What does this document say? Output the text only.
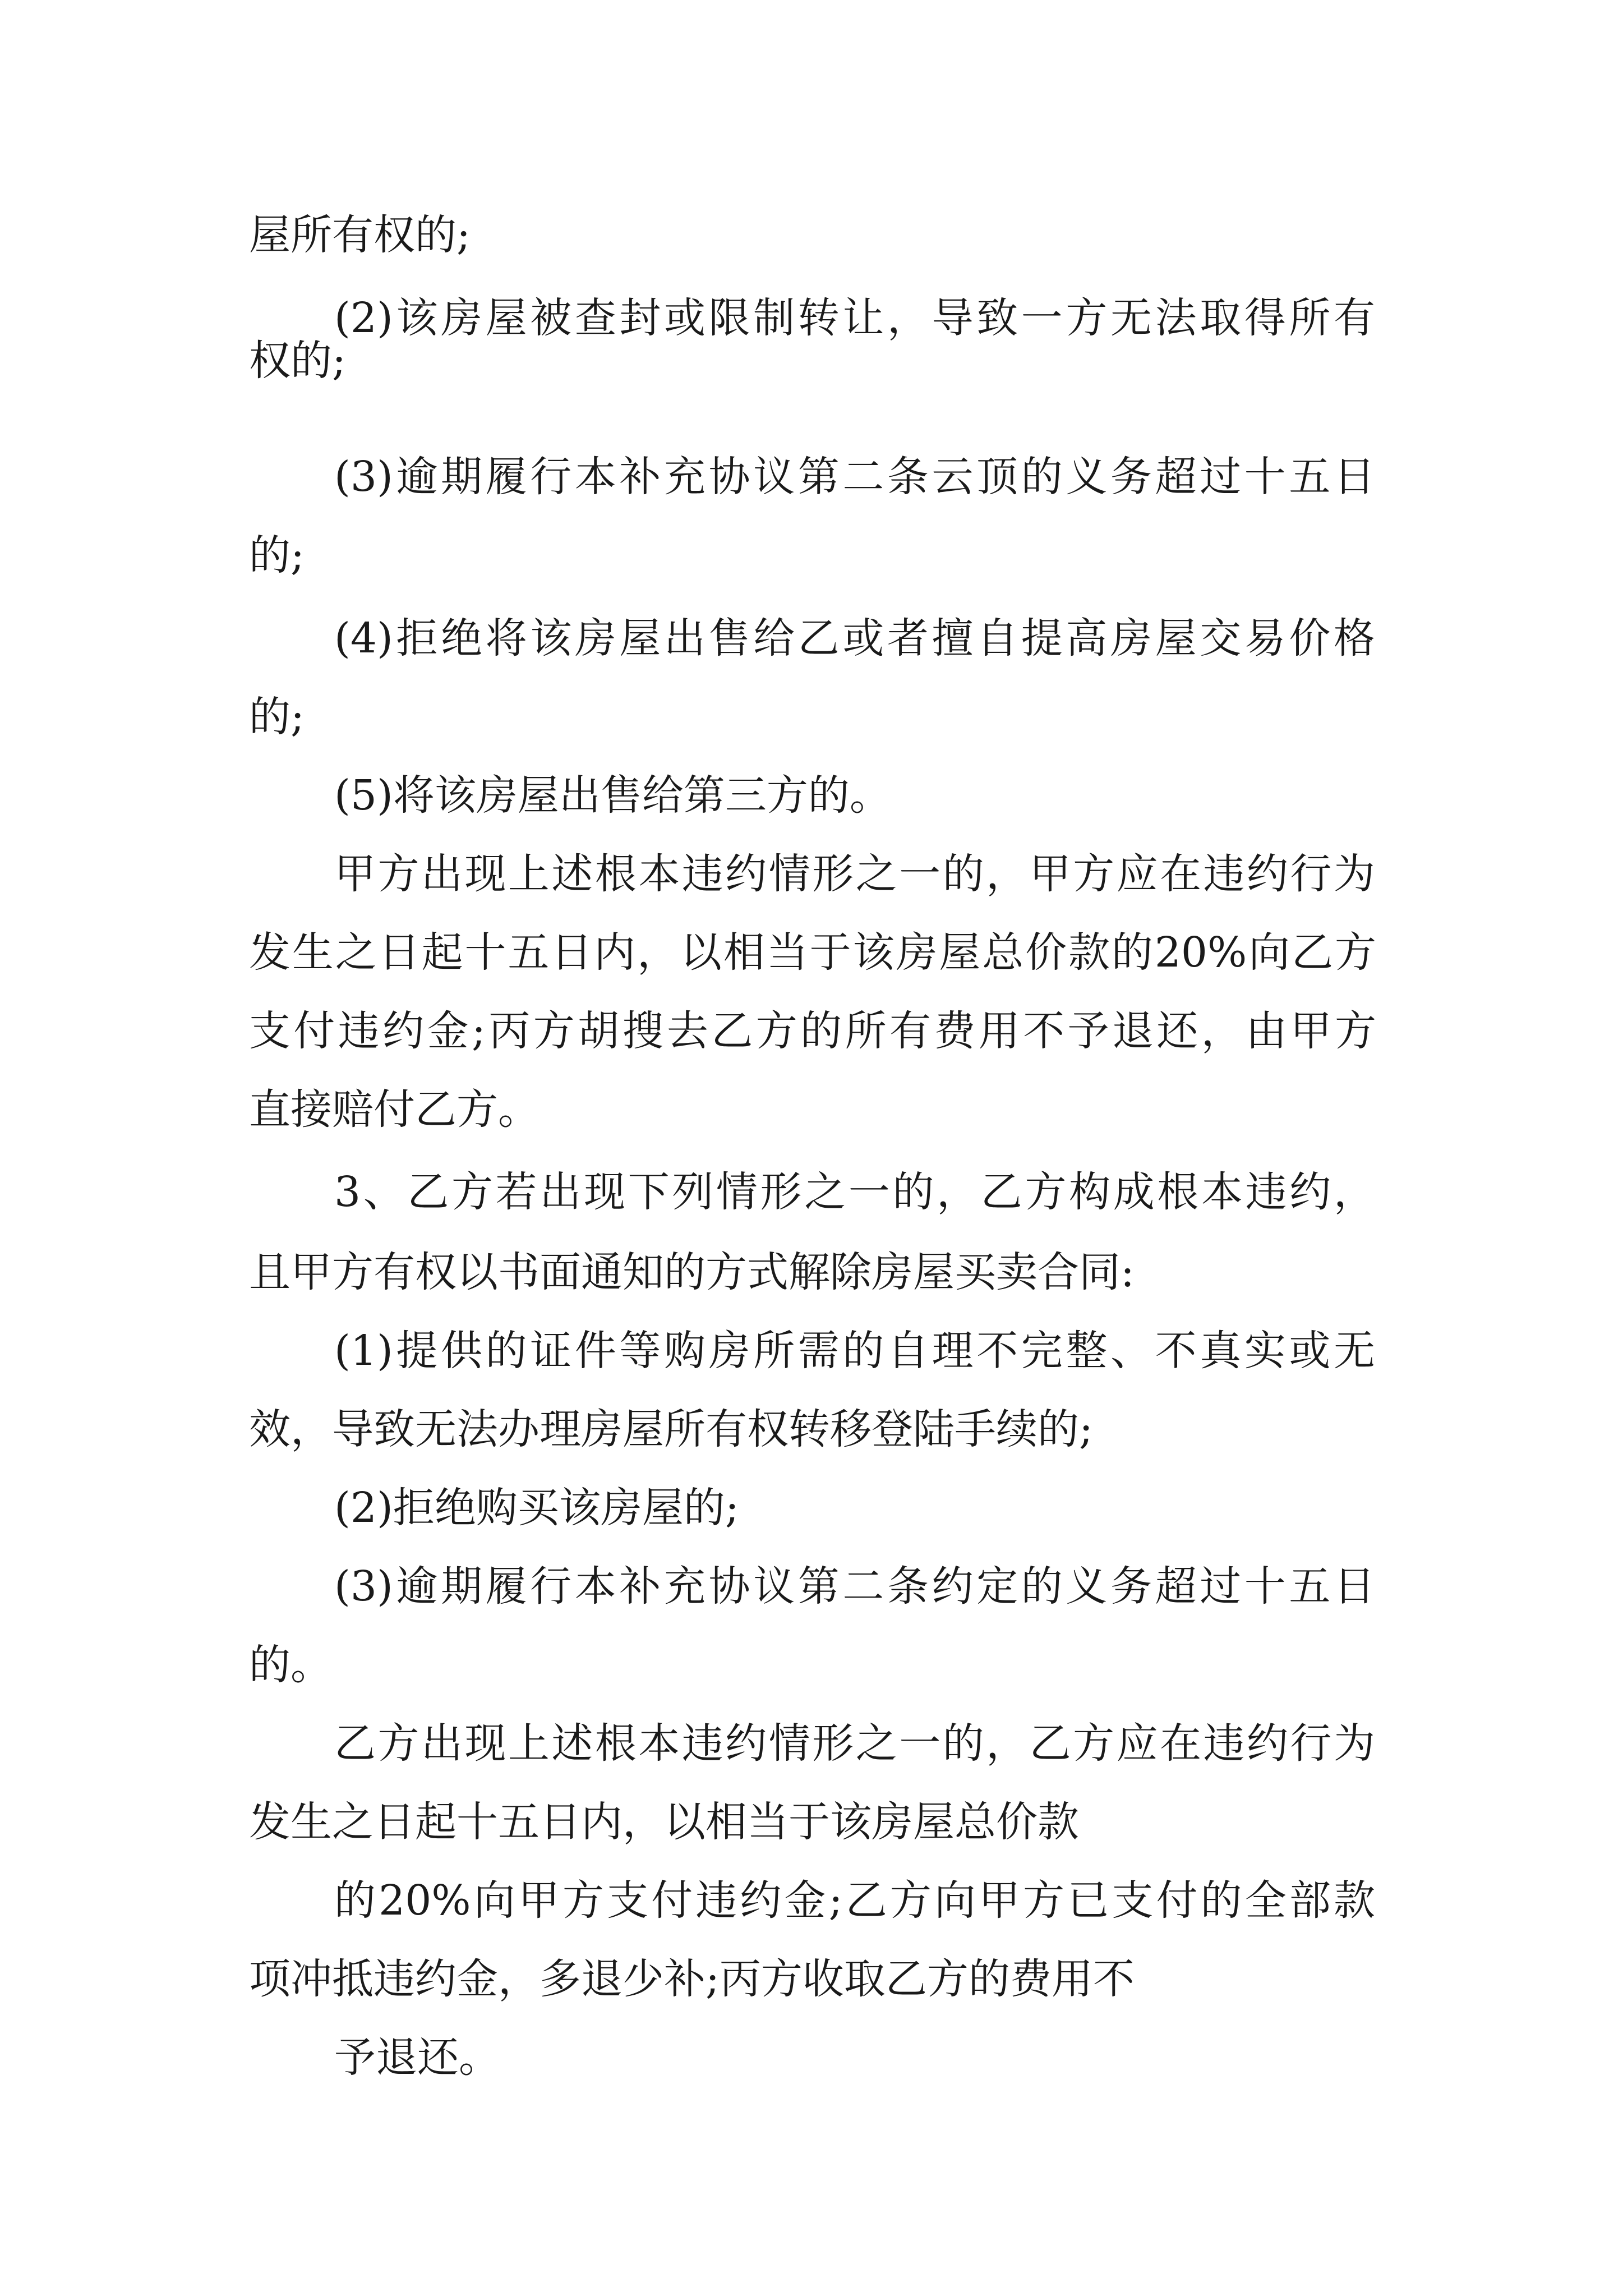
屋所有权的;
(2)该房屋被查封或限制转让，导致一方无法取得所有
权的;
(3)逾期履行本补充协议第二条云顶的义务超过十五日
的;
(4)拒绝将该房屋出售给乙或者擅自提高房屋交易价格
的;
(5)将该房屋出售给第三方的。
甲方出现上述根本违约情形之一的，甲方应在违约行为
发生之日起十五日内，以相当于该房屋总价款的20%向乙方
支付违约金;丙方胡搜去乙方的所有费用不予退还，由甲方
直接赔付乙方。
3、乙方若出现下列情形之一的，乙方构成根本违约，
且甲方有权以书面通知的方式解除房屋买卖合同:
(1)提供的证件等购房所需的自理不完整、不真实或无
效，导致无法办理房屋所有权转移登陆手续的;
(2)拒绝购买该房屋的;
(3)逾期履行本补充协议第二条约定的义务超过十五日
的。
乙方出现上述根本违约情形之一的，乙方应在违约行为
发生之日起十五日内，以相当于该房屋总价款
的20%向甲方支付违约金;乙方向甲方已支付的全部款
项冲抵违约金，多退少补;丙方收取乙方的费用不
予退还。
